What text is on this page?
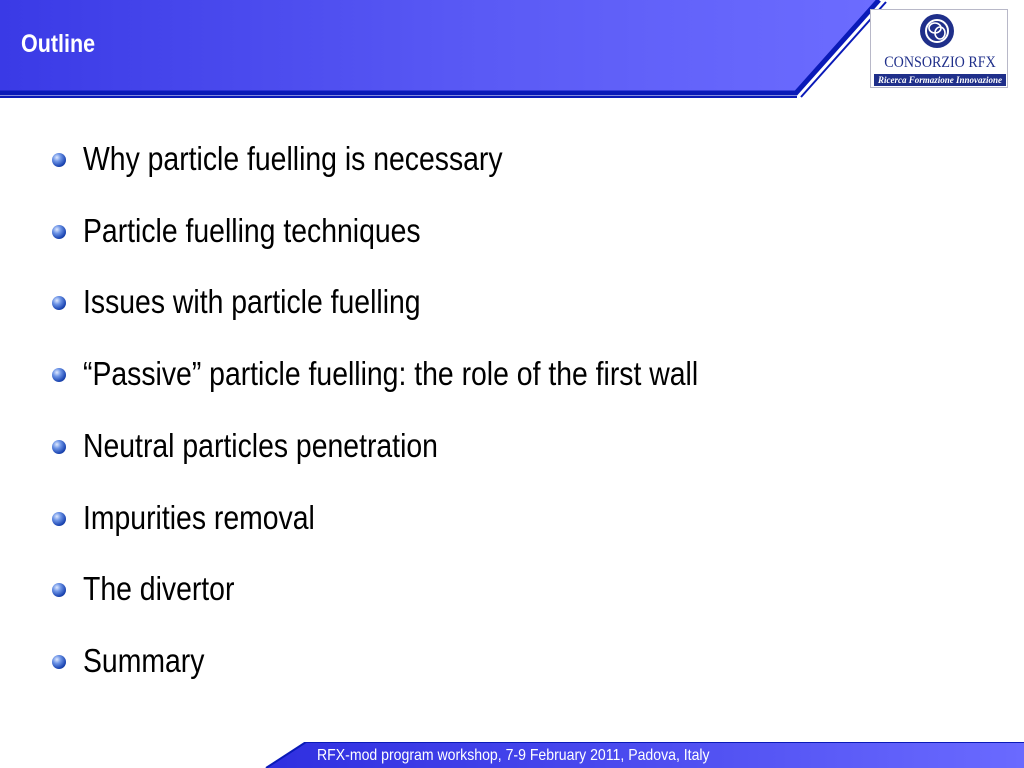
Outline
CONSORZIO RFX
Ricerca Formazione Innovazione
Why particle fuelling is necessary
Particle fuelling techniques
Issues with particle fuelling
“Passive” particle fuelling: the role of the first wall
Neutral particles penetration
Impurities removal
The divertor
Summary
RFX-mod program workshop, 7-9 February 2011, Padova, Italy
